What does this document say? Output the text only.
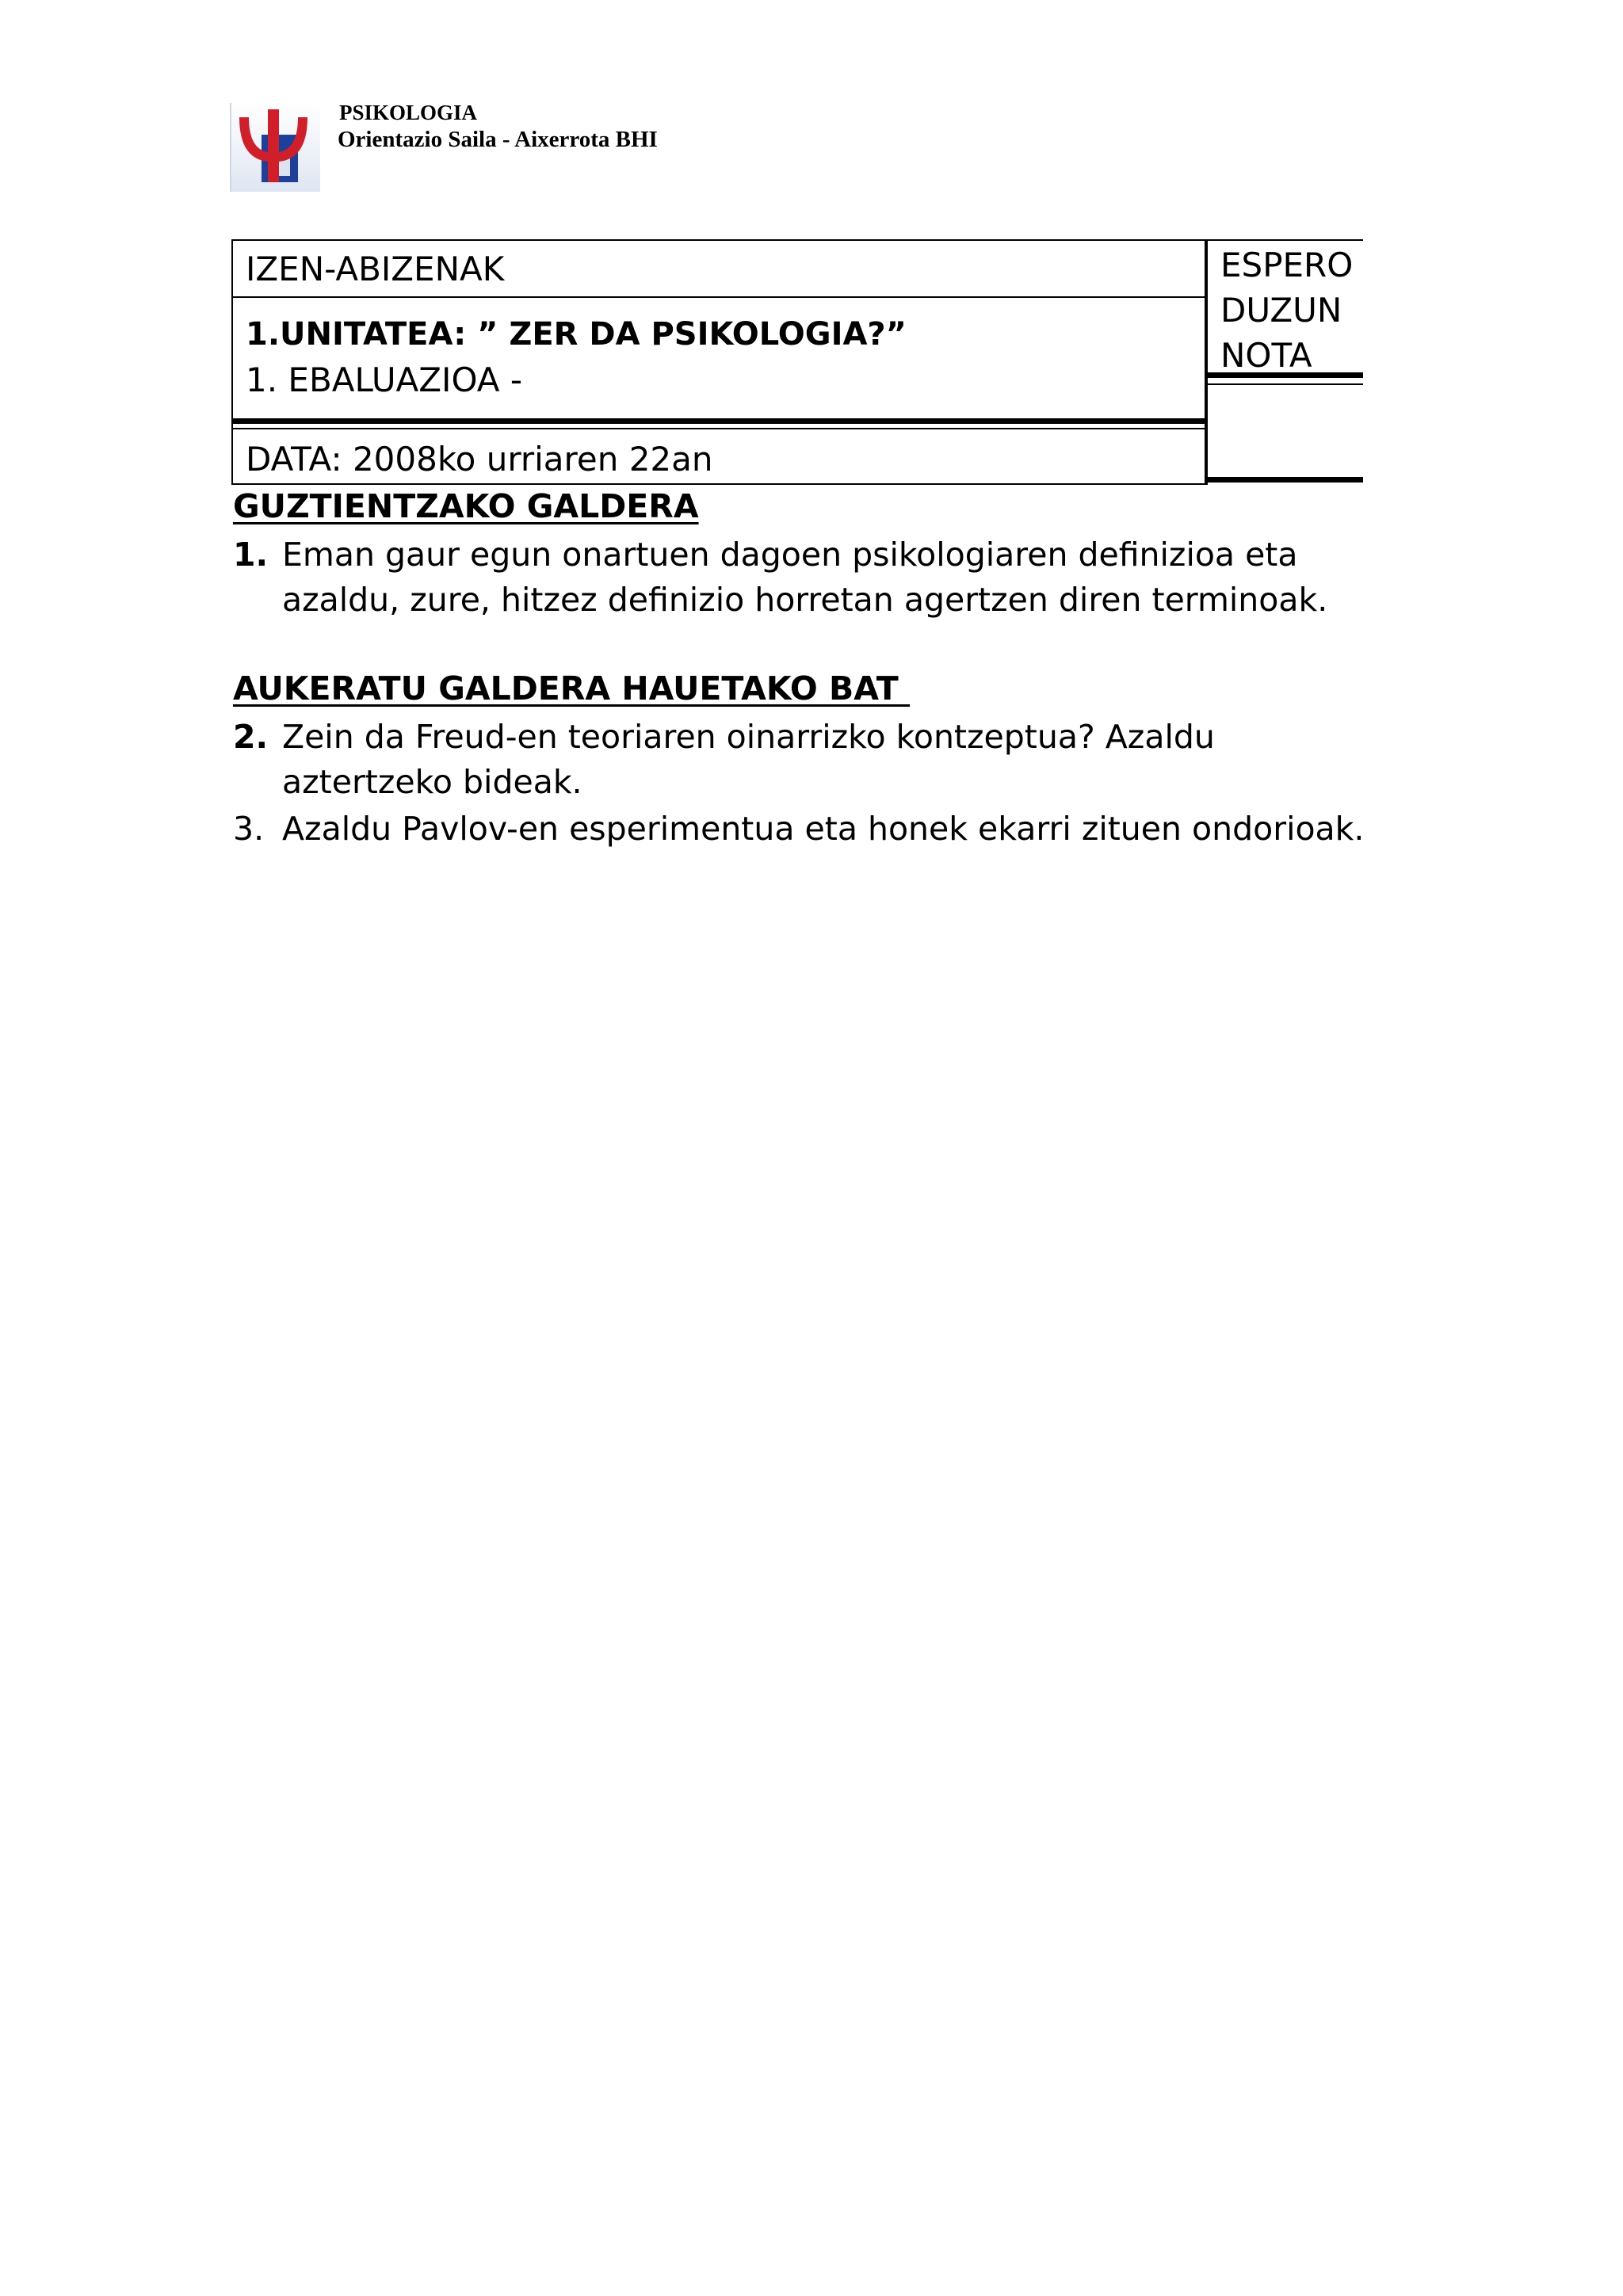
PSIKOLOGIA
Orientazio Saila - Aixerrota BHI
IZEN-ABIZENAK
1.UNITATEA: ” ZER DA PSIKOLOGIA?”
1. EBALUAZIOA -
DATA: 2008ko urriaren 22an
ESPERO
DUZUN
NOTA
GUZTIENTZAKO GALDERA
1. Eman gaur egun onartuen dagoen psikologiaren definizioa eta azaldu, zure, hitzez definizio horretan agertzen diren terminoak.
AUKERATU GALDERA HAUETAKO BAT
2. Zein da Freud-en teoriaren oinarrizko kontzeptua? Azaldu aztertzeko bideak.
3. Azaldu Pavlov-en esperimentua eta honek ekarri zituen ondorioak.
